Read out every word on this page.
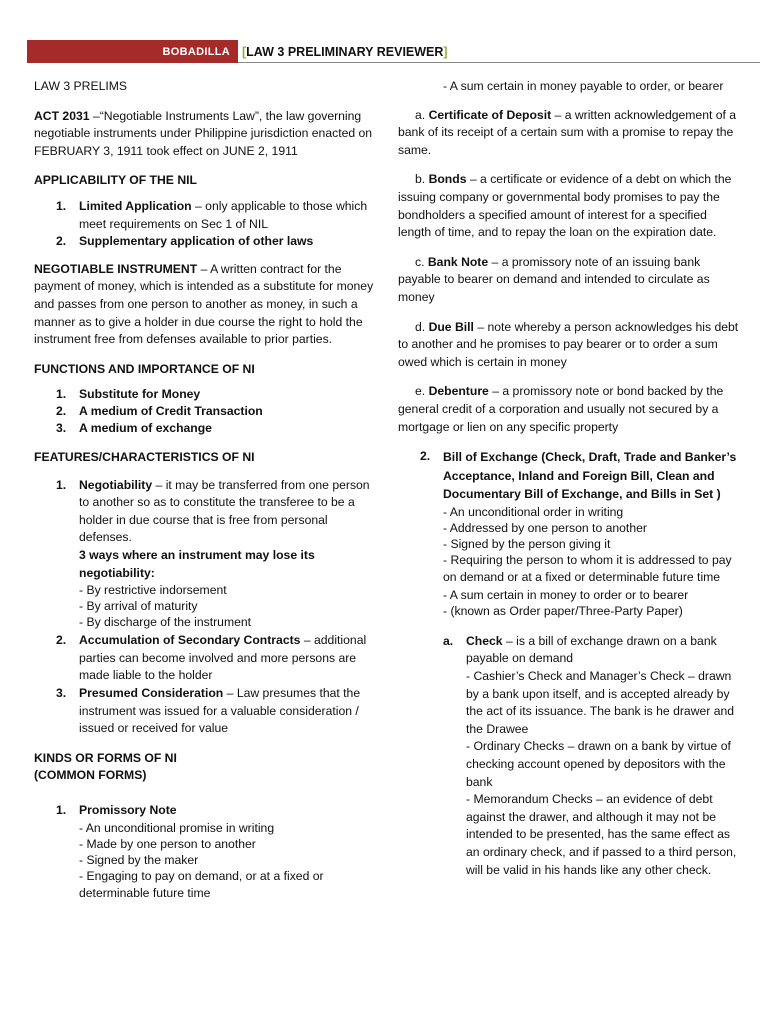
BOBADILLA [LAW 3 PRELIMINARY REVIEWER]

LAW 3 PRELIMS

ACT 2031 –“Negotiable Instruments Law”, the law governing negotiable instruments under Philippine jurisdiction enacted on FEBRUARY 3, 1911 took effect on JUNE 2, 1911

APPLICABILITY OF THE NIL

1. Limited Application – only applicable to those which meet requirements on Sec 1 of NIL
2. Supplementary application of other laws

NEGOTIABLE INSTRUMENT – A written contract for the payment of money, which is intended as a substitute for money and passes from one person to another as money, in such a manner as to give a holder in due course the right to hold the instrument free from defenses available to prior parties.

FUNCTIONS AND IMPORTANCE OF NI

1. Substitute for Money
2. A medium of Credit Transaction
3. A medium of exchange

FEATURES/CHARACTERISTICS OF NI

1. Negotiability – it may be transferred from one person to another so as to constitute the transferee to be a holder in due course that is free from personal defenses.
3 ways where an instrument may lose its negotiability:
- By restrictive indorsement
- By arrival of maturity
- By discharge of the instrument
2. Accumulation of Secondary Contracts – additional parties can become involved and more persons are made liable to the holder
3. Presumed Consideration – Law presumes that the instrument was issued for a valuable consideration / issued or received for value

KINDS OR FORMS OF NI

(COMMON FORMS)

1. Promissory Note
- An unconditional promise in writing
- Made by one person to another
- Signed by the maker
- Engaging to pay on demand, or at a fixed or determinable future time
- A sum certain in money payable to order, or bearer

a. Certificate of Deposit – a written acknowledgement of a bank of its receipt of a certain sum with a promise to repay the same.

b. Bonds – a certificate or evidence of a debt on which the issuing company or governmental body promises to pay the bondholders a specified amount of interest for a specified length of time, and to repay the loan on the expiration date.

c. Bank Note – a promissory note of an issuing bank payable to bearer on demand and intended to circulate as money

d. Due Bill – note whereby a person acknowledges his debt to another and he promises to pay bearer or to order a sum owed which is certain in money

e. Debenture – a promissory note or bond backed by the general credit of a corporation and usually not secured by a mortgage or lien on any specific property

2. Bill of Exchange (Check, Draft, Trade and Banker’s Acceptance, Inland and Foreign Bill, Clean and Documentary Bill of Exchange, and Bills in Set )
- An unconditional order in writing
- Addressed by one person to another
- Signed by the person giving it
- Requiring the person to whom it is addressed to pay on demand or at a fixed or determinable future time
- A sum certain in money to order or to bearer
- (known as Order paper/Three-Party Paper)
a. Check – is a bill of exchange drawn on a bank payable on demand
- Cashier’s Check and Manager’s Check – drawn by a bank upon itself, and is accepted already by the act of its issuance. The bank is he drawer and the Drawee
- Ordinary Checks – drawn on a bank by virtue of checking account opened by depositors with the bank
- Memorandum Checks – an evidence of debt against the drawer, and although it may not be intended to be presented, has the same effect as an ordinary check, and if passed to a third person, will be valid in his hands like any other check.
